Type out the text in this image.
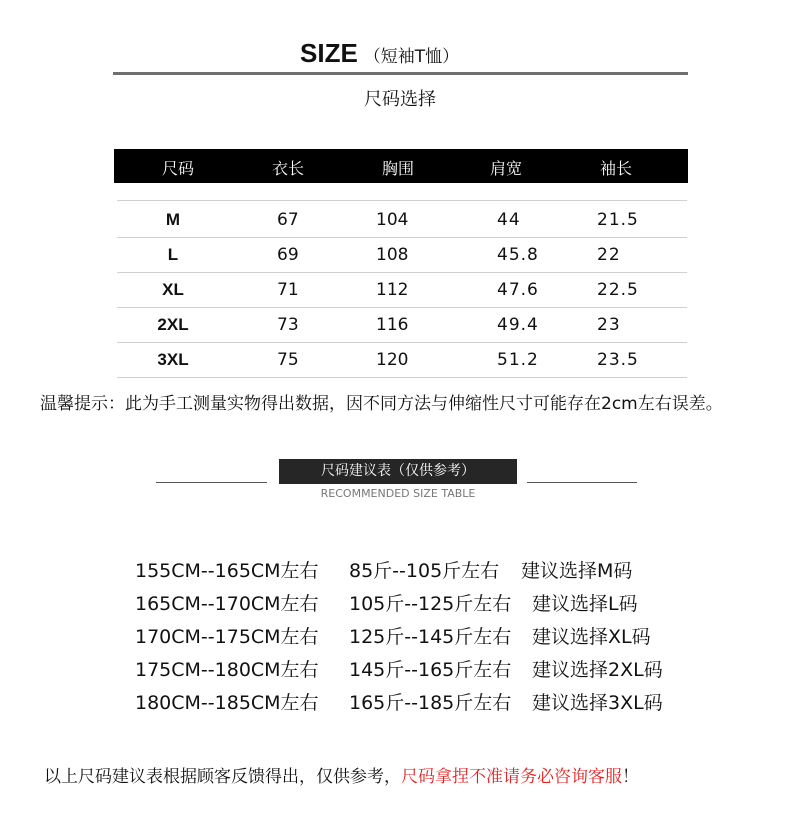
SIZE （短袖T恤）
尺码选择
尺码	衣长	胸围	肩宽	袖长
M	67	104	44	21.5
L	69	108	45.8	22
XL	71	112	47.6	22.5
2XL	73	116	49.4	23
3XL	75	120	51.2	23.5
温馨提示：此为手工测量实物得出数据，因不同方法与伸缩性尺寸可能存在2cm左右误差。
尺码建议表（仅供参考）
RECOMMENDED SIZE TABLE
155CM--165CM左右 85斤--105斤左右 建议选择M码
165CM--170CM左右 105斤--125斤左右 建议选择L码
170CM--175CM左右 125斤--145斤左右 建议选择XL码
175CM--180CM左右 145斤--165斤左右 建议选择2XL码
180CM--185CM左右 165斤--185斤左右 建议选择3XL码
以上尺码建议表根据顾客反馈得出，仅供参考，尺码拿捏不准请务必咨询客服！
